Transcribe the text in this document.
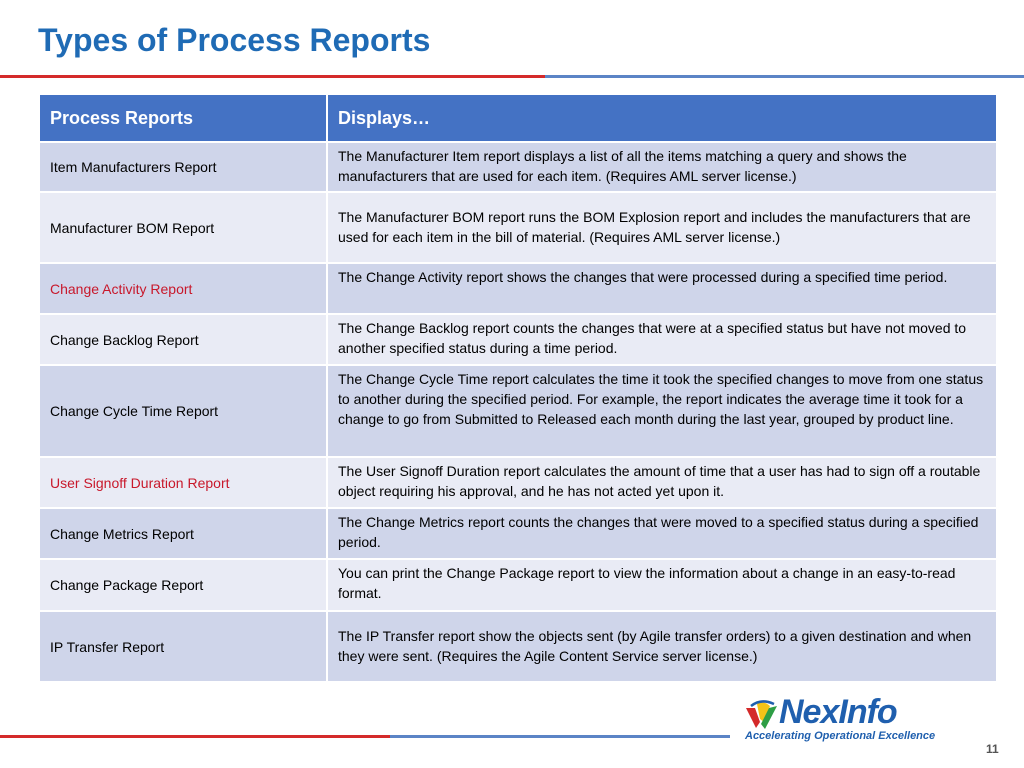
Types of Process Reports
Process Reports	Displays…
Item Manufacturers Report	The Manufacturer Item report displays a list of all the items matching a query and shows the manufacturers that are used for each item. (Requires AML server license.)
Manufacturer BOM Report	The Manufacturer BOM report runs the BOM Explosion report and includes the manufacturers that are used for each item in the bill of material. (Requires AML server license.)
Change Activity Report	The Change Activity report shows the changes that were processed during a specified time period.
Change Backlog Report	The Change Backlog report counts the changes that were at a specified status but have not moved to another specified status during a time period.
Change Cycle Time Report	The Change Cycle Time report calculates the time it took the specified changes to move from one status to another during the specified period. For example, the report indicates the average time it took for a change to go from Submitted to Released each month during the last year, grouped by product line.
User Signoff Duration Report	The User Signoff Duration report calculates the amount of time that a user has had to sign off a routable object requiring his approval, and he has not acted yet upon it.
Change Metrics Report	The Change Metrics report counts the changes that were moved to a specified status during a specified period.
Change Package Report	You can print the Change Package report to view the information about a change in an easy-to-read format.
IP Transfer Report	The IP Transfer report show the objects sent (by Agile transfer orders) to a given destination and when they were sent. (Requires the Agile Content Service server license.)
NexInfo
Accelerating Operational Excellence
11
